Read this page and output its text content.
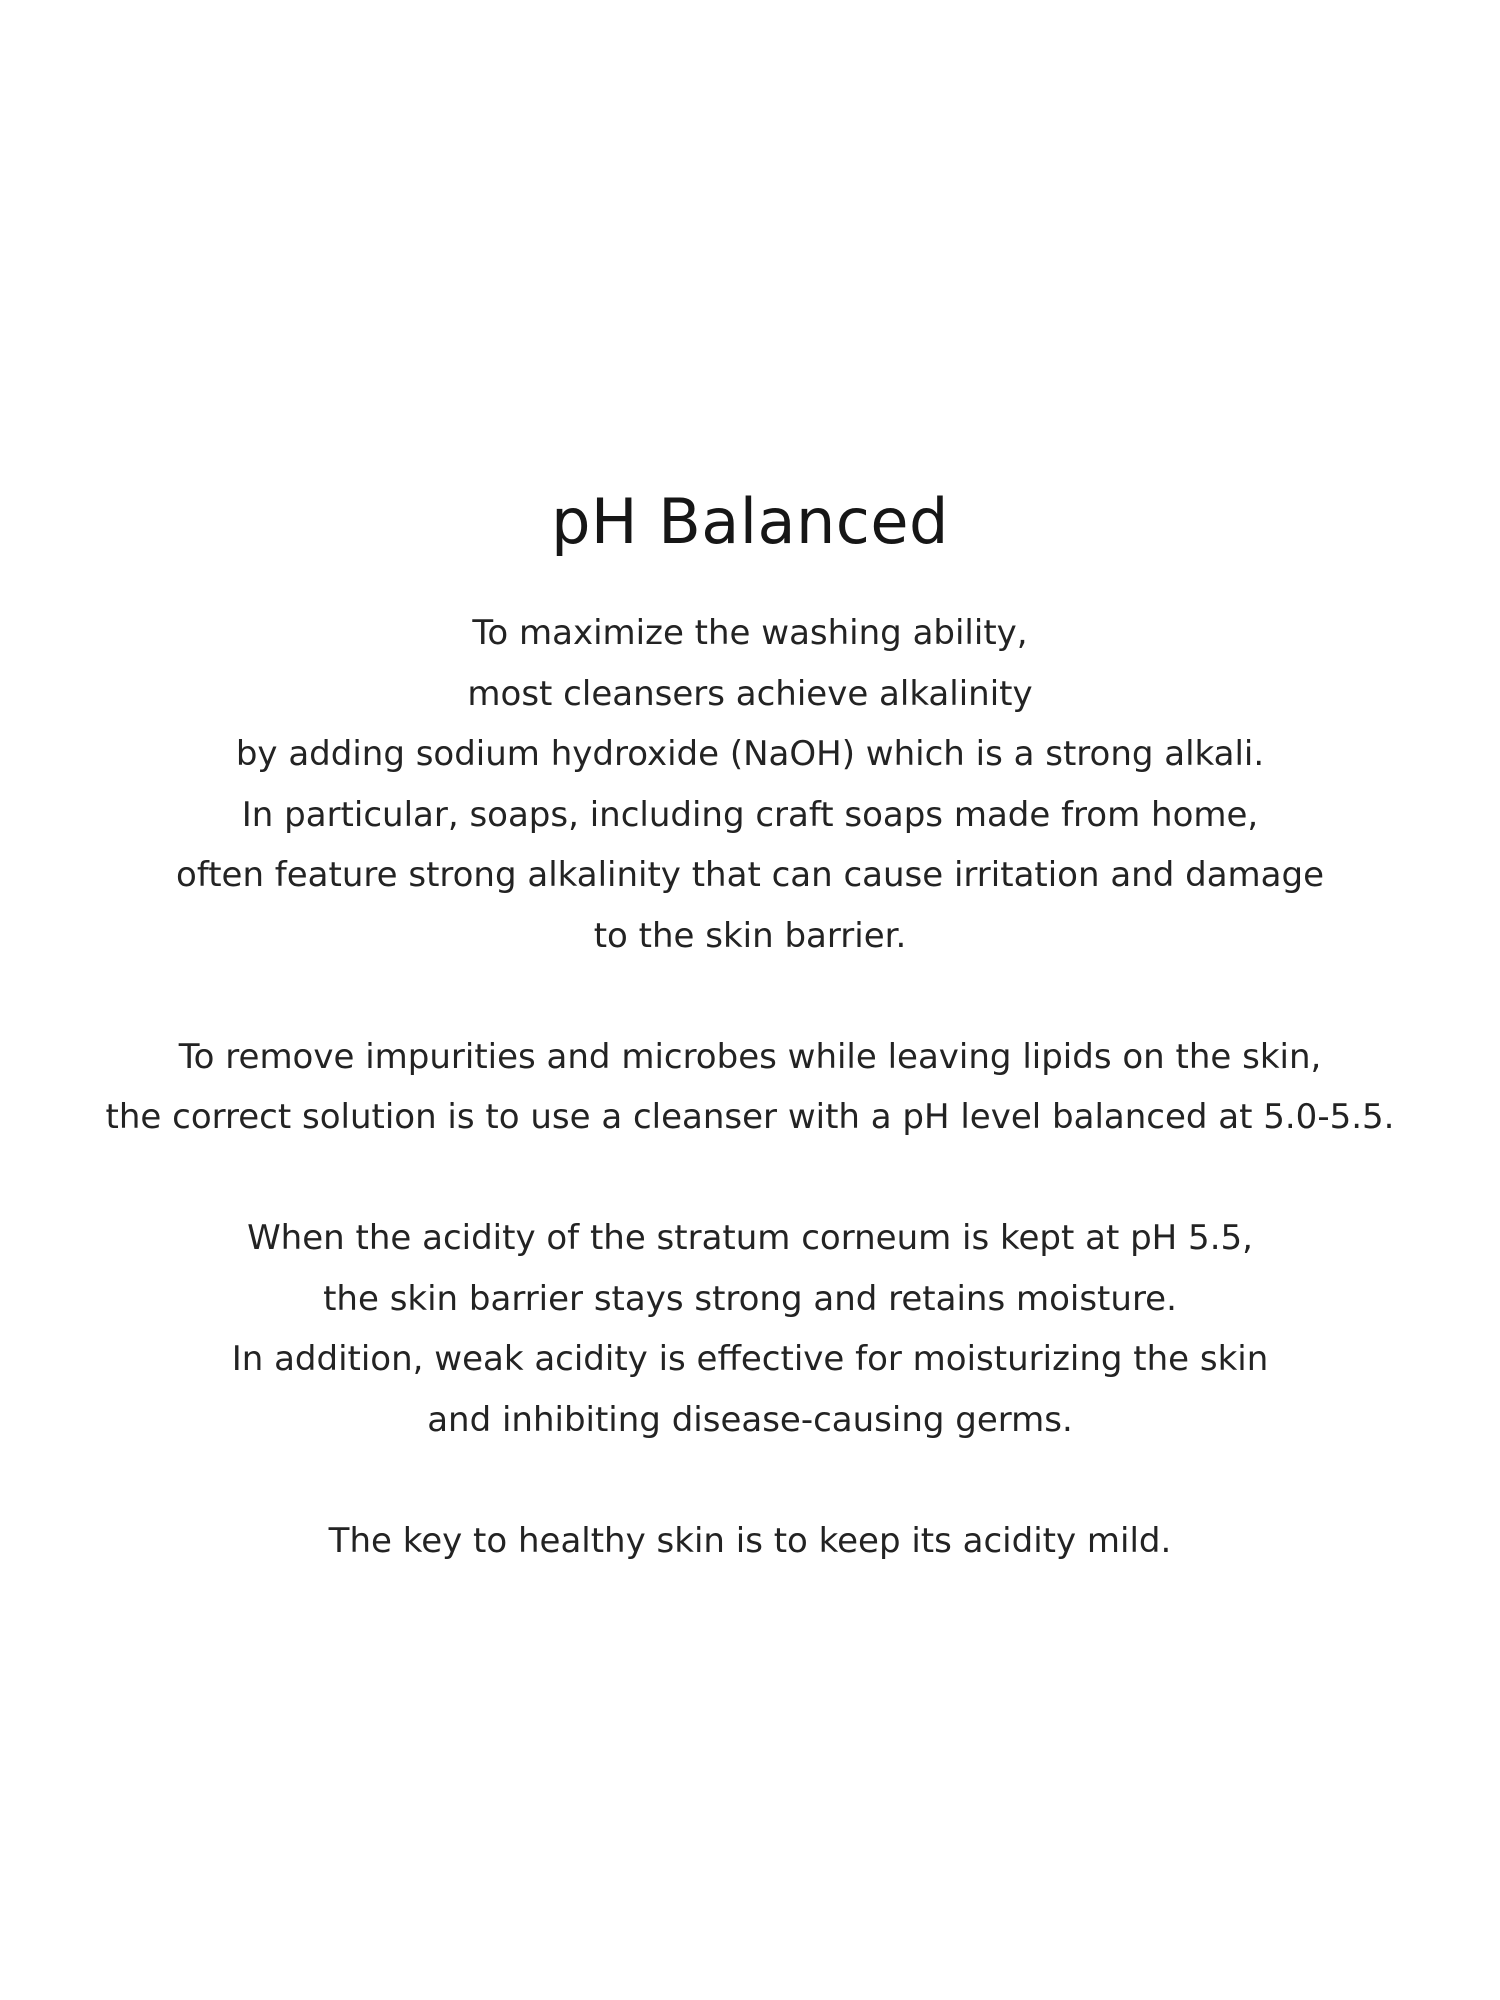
pH Balanced

To maximize the washing ability,
most cleansers achieve alkalinity
by adding sodium hydroxide (NaOH) which is a strong alkali.
In particular, soaps, including craft soaps made from home,
often feature strong alkalinity that can cause irritation and damage
to the skin barrier.

To remove impurities and microbes while leaving lipids on the skin,
the correct solution is to use a cleanser with a pH level balanced at 5.0-5.5.

When the acidity of the stratum corneum is kept at pH 5.5,
the skin barrier stays strong and retains moisture.
In addition, weak acidity is effective for moisturizing the skin
and inhibiting disease-causing germs.

The key to healthy skin is to keep its acidity mild.
